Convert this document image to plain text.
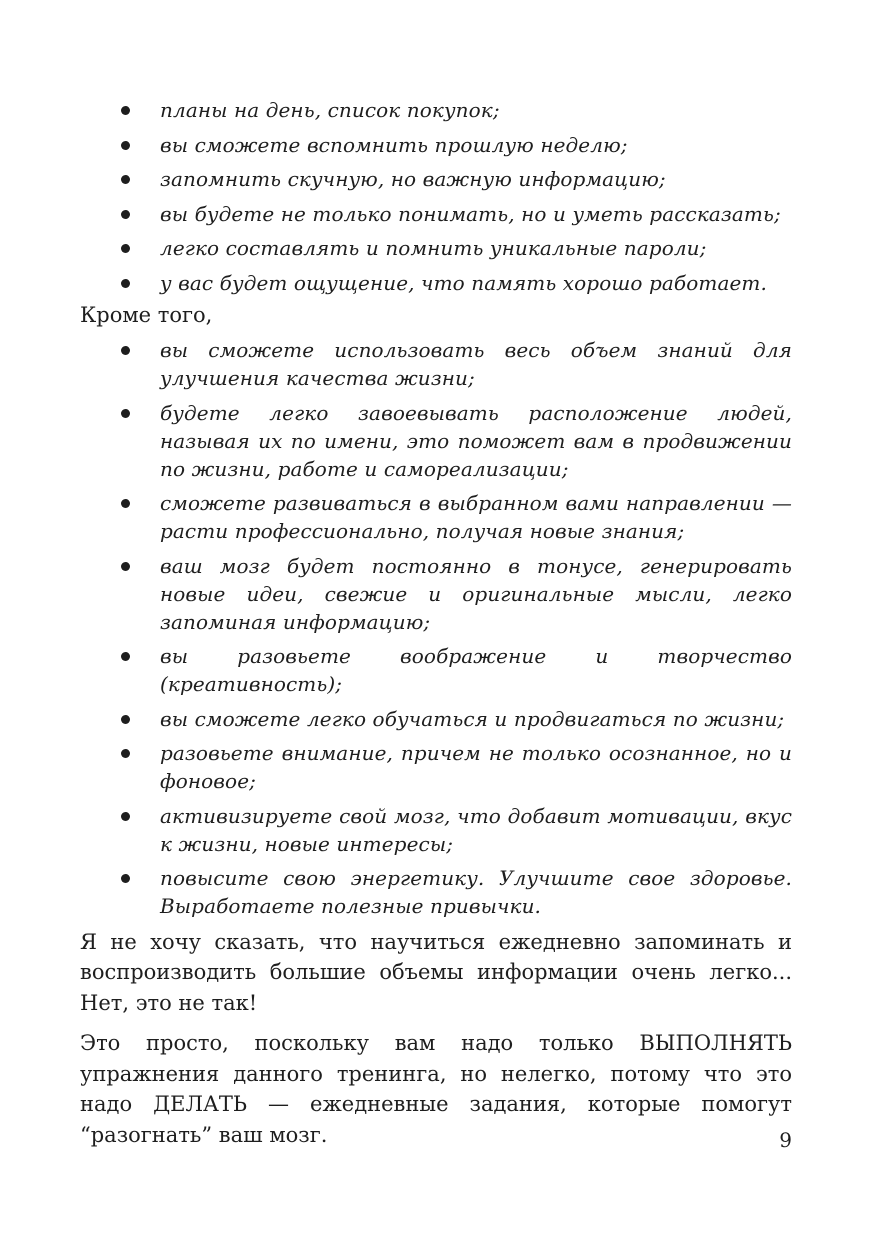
планы на день, список покупок;
вы сможете вспомнить прошлую неделю;
запомнить скучную, но важную информацию;
вы будете не только понимать, но и уметь рассказать;
легко составлять и помнить уникальные пароли;
у вас будет ощущение, что память хорошо работает.

Кроме того,

вы сможете использовать весь объем знаний для улучшения качества жизни;
будете легко завоевывать расположение людей, называя их по имени, это поможет вам в продвижении по жизни, работе и самореализации;
сможете развиваться в выбранном вами направлении — расти профессионально, получая новые знания;
ваш мозг будет постоянно в тонусе, генерировать новые идеи, свежие и оригинальные мысли, легко запоминая информацию;
вы разовьете воображение и творчество (креативность);
вы сможете легко обучаться и продвигаться по жизни;
разовьете внимание, причем не только осознанное, но и фоновое;
активизируете свой мозг, что добавит мотивации, вкус к жизни, новые интересы;
повысите свою энергетику. Улучшите свое здоровье. Выработаете полезные привычки.

Я не хочу сказать, что научиться ежедневно запоминать и воспроизводить большие объемы информации очень легко... Нет, это не так!

Это просто, поскольку вам надо только ВЫПОЛНЯТЬ упражнения данного тренинга, но нелегко, потому что это надо ДЕЛАТЬ — ежедневные задания, которые помогут “разогнать” ваш мозг.	9
